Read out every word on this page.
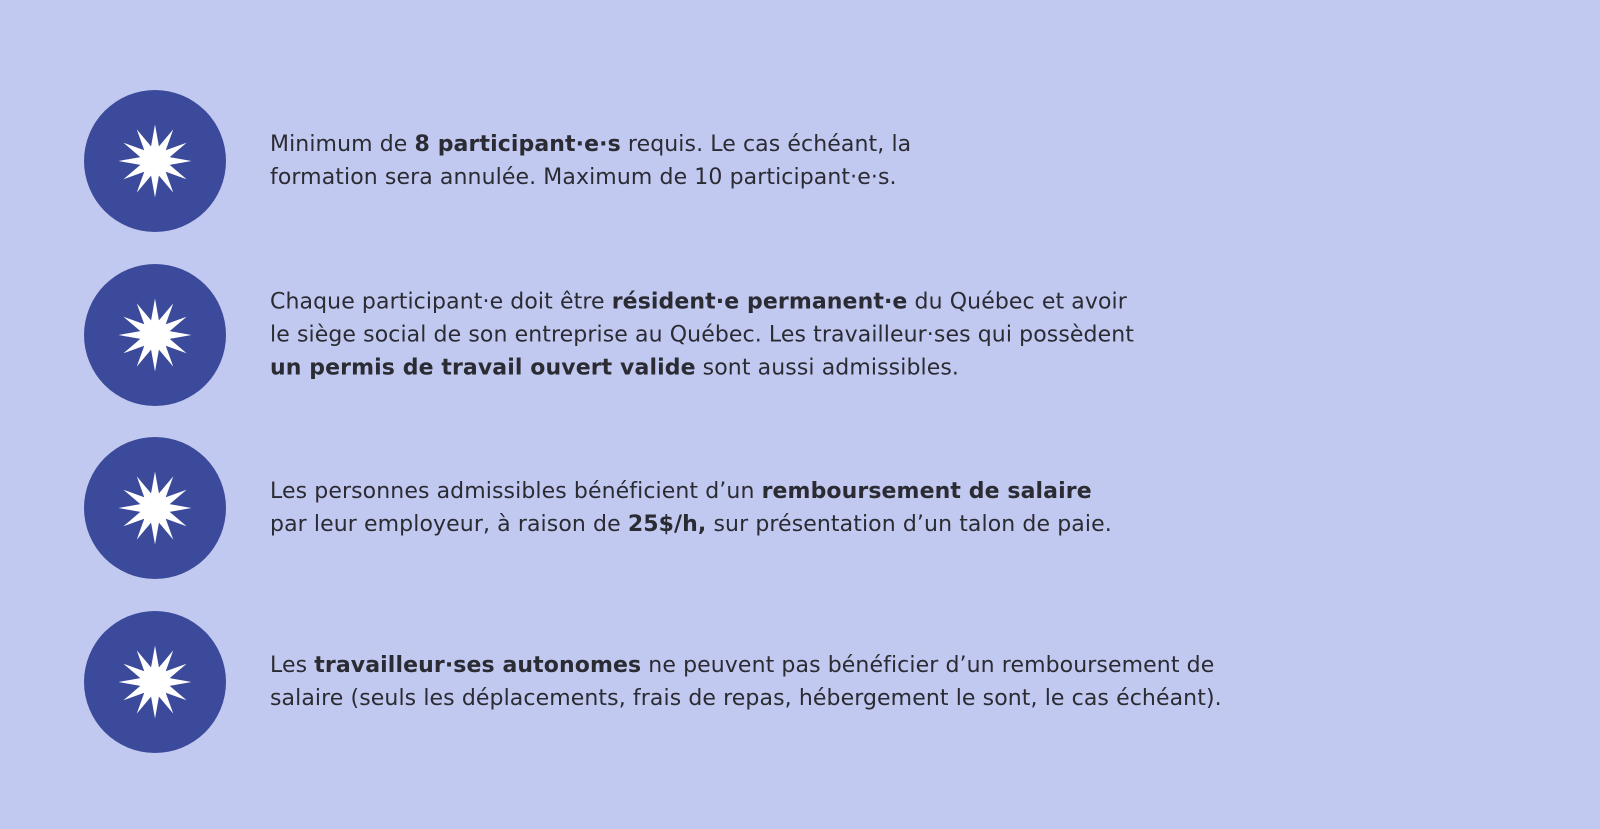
Minimum de 8 participant·e·s requis. Le cas échéant, la
formation sera annulée. Maximum de 10 participant·e·s.
Chaque participant·e doit être résident·e permanent·e du Québec et avoir
le siège social de son entreprise au Québec. Les travailleur·ses qui possèdent
un permis de travail ouvert valide sont aussi admissibles.
Les personnes admissibles bénéficient d’un remboursement de salaire
par leur employeur, à raison de 25$/h, sur présentation d’un talon de paie.
Les travailleur·ses autonomes ne peuvent pas bénéficier d’un remboursement de
salaire (seuls les déplacements, frais de repas, hébergement le sont, le cas échéant).
